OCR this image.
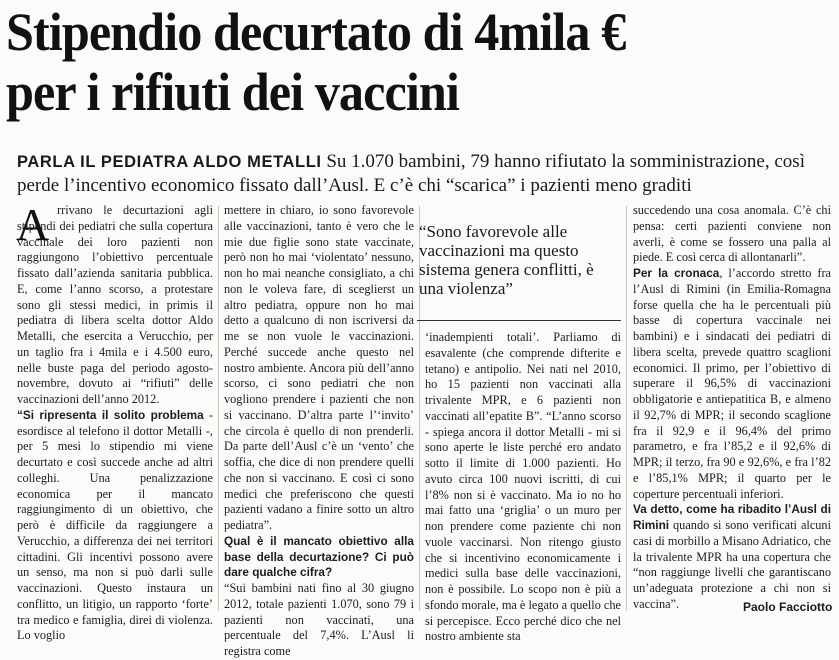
Stipendio decurtato di 4mila €
per i rifiuti dei vaccini
PARLA IL PEDIATRA ALDO METALLI Su 1.070 bambini, 79 hanno rifiutato la somministrazione, così perde l’incentivo economico fissato dall’Ausl. E c’è chi “scarica” i pazienti meno graditi
A rrivano le decurtazioni agli stipendi dei pediatri che sulla copertura vaccinale dei loro pazienti non raggiungono l’obiettivo percentuale fissato dall’azienda sanitaria pubblica. E, come l’anno scorso, a protestare sono gli stessi medici, in primis il pediatra di libera scelta dottor Aldo Metalli, che esercita a Verucchio, per un taglio fra i 4mila e i 4.500 euro, nelle buste paga del periodo agosto-novembre, dovuto ai “rifiuti” delle vaccinazioni dell’anno 2012.

“Si ripresenta il solito problema - esordisce al telefono il dottor Metalli -, per 5 mesi lo stipendio mi viene decurtato e così succede anche ad altri colleghi. Una penalizzazione economica per il mancato raggiungimento di un obiettivo, che però è difficile da raggiungere a Verucchio, a differenza dei nei territori cittadini. Gli incentivi possono avere un senso, ma non si può darli sulle vaccinazioni. Questo instaura un conflitto, un litigio, un rapporto ‘forte’ tra medico e famiglia, direi di violenza. Lo voglio

mettere in chiaro, io sono favorevole alle vaccinazioni, tanto è vero che le mie due figlie sono state vaccinate, però non ho mai ‘violentato’ nessuno, non ho mai neanche consigliato, a chi non le voleva fare, di sceglierst un altro pediatra, oppure non ho mai detto a qualcuno di non iscriversi da me se non vuole le vaccinazioni. Perché succede anche questo nel nostro ambiente. Ancora più dell’anno scorso, ci sono pediatri che non vogliono prendere i pazienti che non si vaccinano. D’altra parte l’‘invito’ che circola è quello di non prenderli. Da parte dell’Ausl c’è un ‘vento’ che soffia, che dice di non prendere quelli che non si vaccinano. E così ci sono medici che preferiscono che questi pazienti vadano a finire sotto un altro pediatra”.

Qual è il mancato obiettivo alla base della decurtazione? Ci può dare qualche cifra?

“Sui bambini nati fino al 30 giugno 2012, totale pazienti 1.070, sono 79 i pazienti non vaccinati, una percentuale del 7,4%. L’Ausl li registra come

“Sono favorevole alle vaccinazioni ma questo sistema genera conflitti, è una violenza”

‘inadempienti totali’. Parliamo di esavalente (che comprende difterite e tetano) e antipolio. Nei nati nel 2010, ho 15 pazienti non vaccinati alla trivalente MPR, e 6 pazienti non vaccinati all’epatite B”. “L’anno scorso - spiega ancora il dottor Metalli - mi si sono aperte le liste perché ero andato sotto il limite di 1.000 pazienti. Ho avuto circa 100 nuovi iscritti, di cui l’8% non si è vaccinato. Ma io no ho mai fatto una ‘griglia’ o un muro per non prendere come paziente chi non vuole vaccinarsi. Non ritengo giusto che si incentivino economicamente i medici sulla base delle vaccinazioni, non è possibile. Lo scopo non è più a sfondo morale, ma è legato a quello che si percepisce. Ecco perché dico che nel nostro ambiente sta

succedendo una cosa anomala. C’è chi pensa: certi pazienti conviene non averli, è come se fossero una palla al piede. E così cerca di allontanarli”.

Per la cronaca, l’accordo stretto fra l’Ausl di Rimini (in Emilia-Romagna forse quella che ha le percentuali più basse di copertura vaccinale nei bambini) e i sindacati dei pediatri di libera scelta, prevede quattro scaglioni economici. Il primo, per l’obiettivo di superare il 96,5% di vaccinazioni obbligatorie e antiepatitica B, e almeno il 92,7% di MPR; il secondo scaglione fra il 92,9 e il 96,4% del primo parametro, e fra l’85,2 e il 92,6% di MPR; il terzo, fra 90 e 92,6%, e fra l’82 e l’85,1% MPR; il quarto per le coperture percentuali inferiori.

Va detto, come ha ribadito l’Ausl di Rimini quando si sono verificati alcuni casi di morbillo a Misano Adriatico, che la trivalente MPR ha una copertura che “non raggiunge livelli che garantiscano un’adeguata protezione a chi non si vaccina”.	Paolo Facciotto
